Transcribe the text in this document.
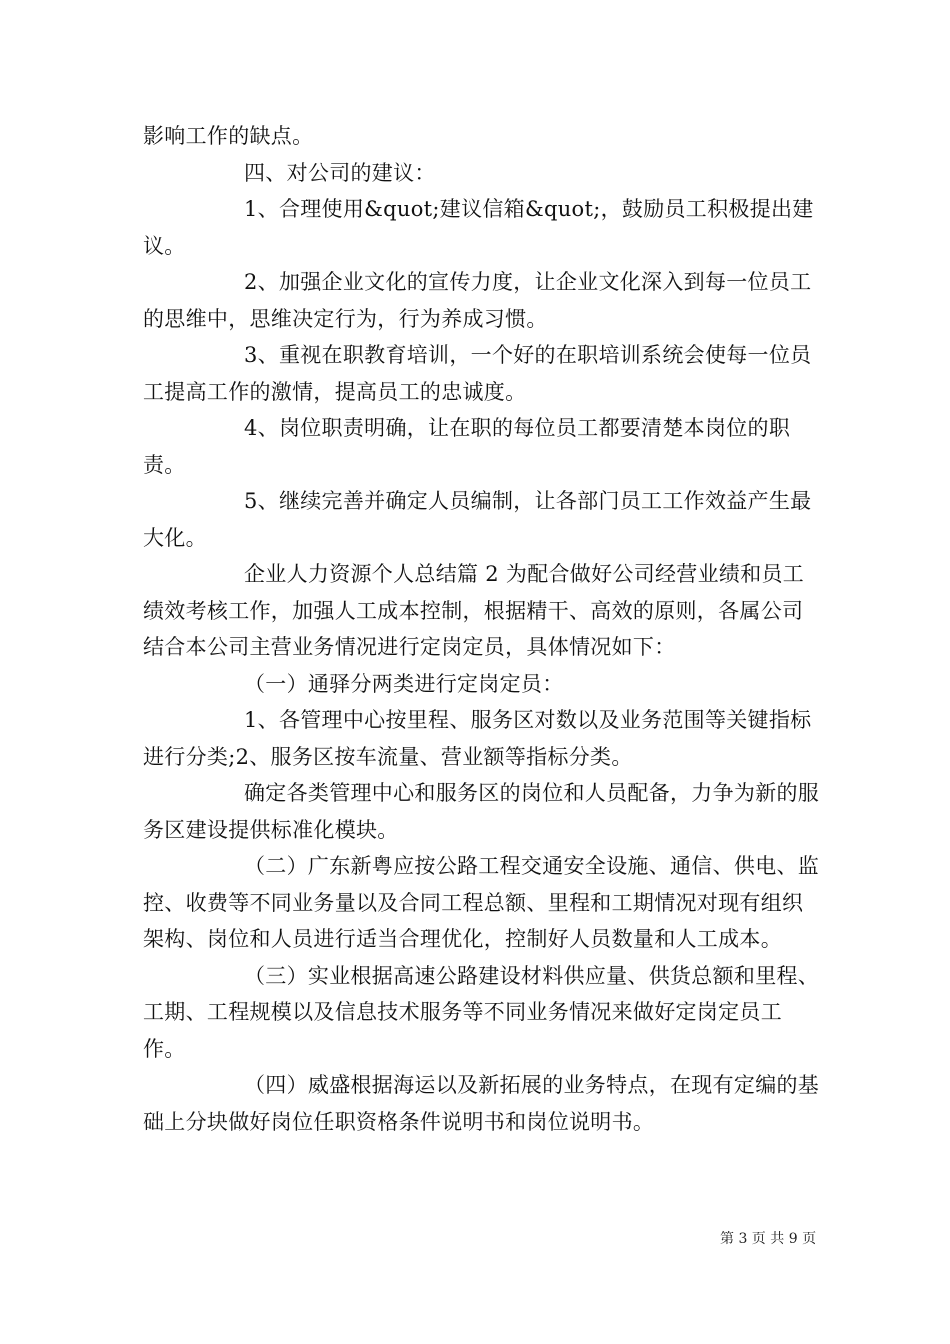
影响工作的缺点。

四、对公司的建议：

1、合理使用&quot;建议信箱&quot;，鼓励员工积极提出建议。

2、加强企业文化的宣传力度，让企业文化深入到每一位员工的思维中，思维决定行为，行为养成习惯。

3、重视在职教育培训，一个好的在职培训系统会使每一位员工提高工作的激情，提高员工的忠诚度。

4、岗位职责明确，让在职的每位员工都要清楚本岗位的职责。

5、继续完善并确定人员编制，让各部门员工工作效益产生最大化。

企业人力资源个人总结篇 2 为配合做好公司经营业绩和员工绩效考核工作，加强人工成本控制，根据精干、高效的原则，各属公司结合本公司主营业务情况进行定岗定员，具体情况如下：

（一）通驿分两类进行定岗定员：

1、各管理中心按里程、服务区对数以及业务范围等关键指标进行分类;2、服务区按车流量、营业额等指标分类。

确定各类管理中心和服务区的岗位和人员配备，力争为新的服务区建设提供标准化模块。

（二）广东新粤应按公路工程交通安全设施、通信、供电、监控、收费等不同业务量以及合同工程总额、里程和工期情况对现有组织架构、岗位和人员进行适当合理优化，控制好人员数量和人工成本。

（三）实业根据高速公路建设材料供应量、供货总额和里程、工期、工程规模以及信息技术服务等不同业务情况来做好定岗定员工作。

（四）威盛根据海运以及新拓展的业务特点，在现有定编的基础上分块做好岗位任职资格条件说明书和岗位说明书。

第 3 页 共 9 页
